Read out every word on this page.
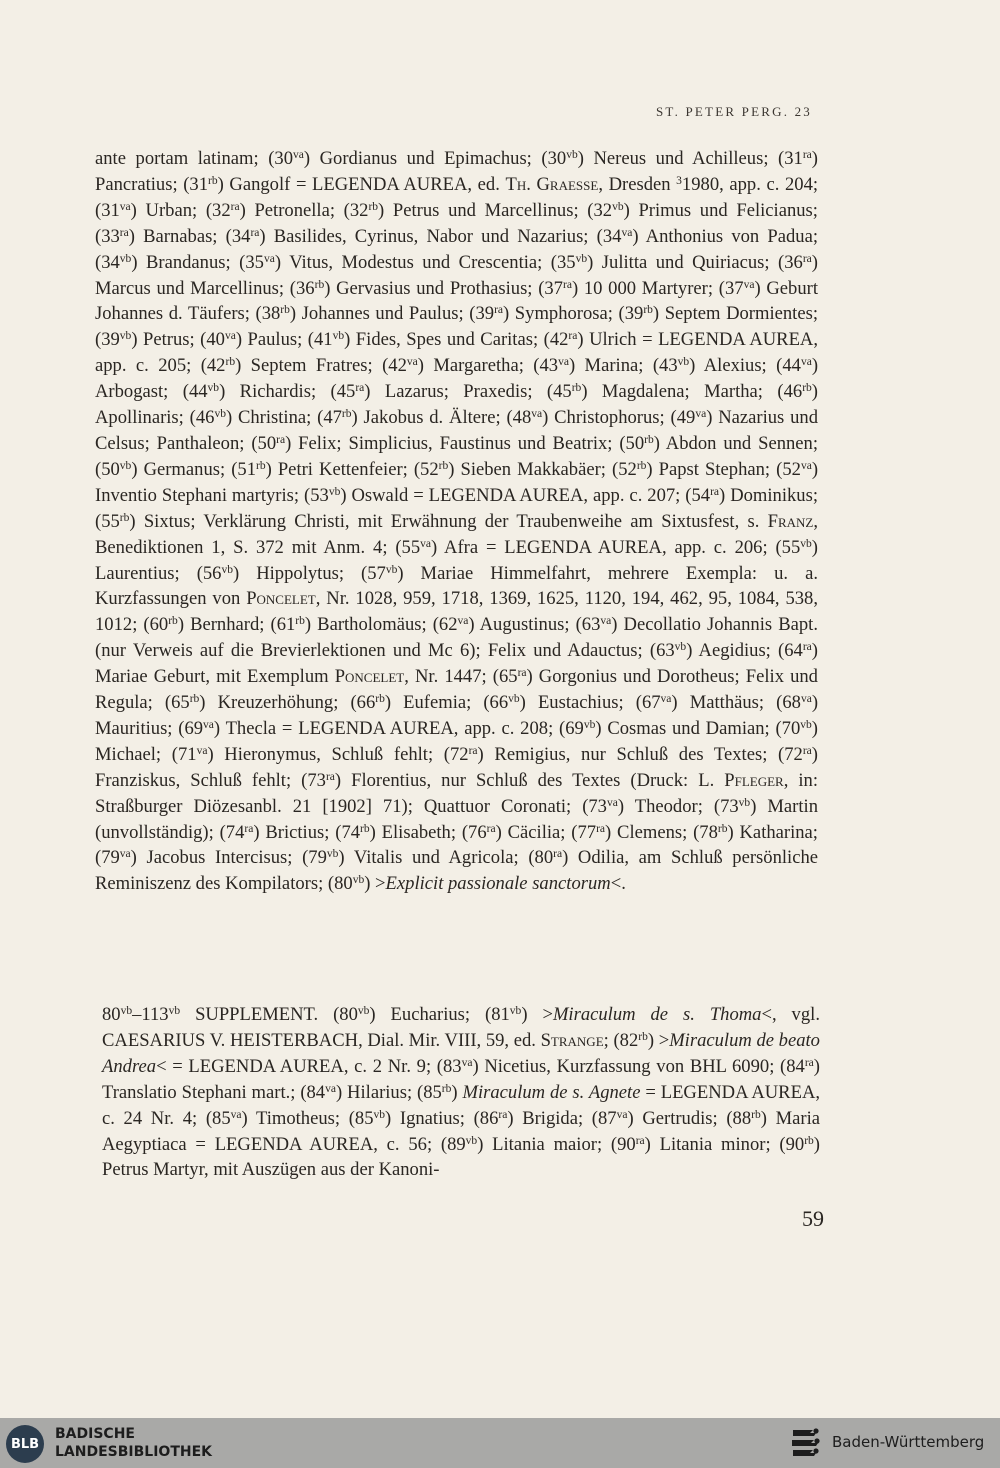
ST. PETER PERG. 23

ante portam latinam; $(30^{va})$ Gordianus und Epimachus; $(30^{vb})$ Nereus und Achilleus; $(31^{ra})$ Pancratius; $(31^{rb})$ Gangolf = LEGENDA AUREA, ed. Th. Graesse, Dresden $^3$1980, app. c. 204; $(31^{va})$ Urban; $(32^{ra})$ Petronella; $(32^{rb})$ Petrus und Marcellinus; $(32^{vb})$ Primus und Felicianus; $(33^{ra})$ Barnabas; $(34^{ra})$ Basilides, Cyrinus, Nabor und Nazarius; $(34^{va})$ Anthonius von Padua; $(34^{vb})$ Brandanus; $(35^{va})$ Vitus, Modestus und Crescentia; $(35^{vb})$ Julitta und Quiriacus; $(36^{ra})$ Marcus und Marcellinus; $(36^{rb})$ Gervasius und Prothasius; $(37^{ra})$ 10 000 Martyrer; $(37^{va})$ Geburt Johannes d. Täufers; $(38^{rb})$ Johannes und Paulus; $(39^{ra})$ Symphorosa; $(39^{rb})$ Septem Dormientes; $(39^{vb})$ Petrus; $(40^{va})$ Paulus; $(41^{vb})$ Fides, Spes und Caritas; $(42^{ra})$ Ulrich = LEGENDA AUREA, app. c. 205; $(42^{rb})$ Septem Fratres; $(42^{va})$ Margaretha; $(43^{va})$ Marina; $(43^{vb})$ Alexius; $(44^{va})$ Arbogast; $(44^{vb})$ Richardis; $(45^{ra})$ Lazarus; Praxedis; $(45^{rb})$ Magdalena; Martha; $(46^{rb})$ Apollinaris; $(46^{vb})$ Christina; $(47^{rb})$ Jakobus d. Ältere; $(48^{va})$ Christophorus; $(49^{va})$ Nazarius und Celsus; Panthaleon; $(50^{ra})$ Felix; Simplicius, Faustinus und Beatrix; $(50^{rb})$ Abdon und Sennen; $(50^{vb})$ Germanus; $(51^{rb})$ Petri Kettenfeier; $(52^{rb})$ Sieben Makkabäer; $(52^{rb})$ Papst Stephan; $(52^{va})$ Inventio Stephani martyris; $(53^{vb})$ Oswald = LEGENDA AUREA, app. c. 207; $(54^{ra})$ Dominikus; $(55^{rb})$ Sixtus; Verklärung Christi, mit Erwähnung der Traubenweihe am Sixtusfest, s. Franz, Benediktionen 1, S. 372 mit Anm. 4; $(55^{va})$ Afra = LEGENDA AUREA, app. c. 206; $(55^{vb})$ Laurentius; $(56^{vb})$ Hippolytus; $(57^{vb})$ Mariae Himmelfahrt, mehrere Exempla: u. a. Kurzfassungen von Poncelet, Nr. 1028, 959, 1718, 1369, 1625, 1120, 194, 462, 95, 1084, 538, 1012; $(60^{rb})$ Bernhard; $(61^{rb})$ Bartholomäus; $(62^{va})$ Augustinus; $(63^{va})$ Decollatio Johannis Bapt. (nur Verweis auf die Brevierlektionen und Mc 6); Felix und Adauctus; $(63^{vb})$ Aegidius; $(64^{ra})$ Mariae Geburt, mit Exemplum Poncelet, Nr. 1447; $(65^{ra})$ Gorgonius und Dorotheus; Felix und Regula; $(65^{rb})$ Kreuzerhöhung; $(66^{rb})$ Eufemia; $(66^{vb})$ Eustachius; $(67^{va})$ Matthäus; $(68^{va})$ Mauritius; $(69^{va})$ Thecla = LEGENDA AUREA, app. c. 208; $(69^{vb})$ Cosmas und Damian; $(70^{vb})$ Michael; $(71^{va})$ Hieronymus, Schluß fehlt; $(72^{ra})$ Remigius, nur Schluß des Textes; $(72^{ra})$ Franziskus, Schluß fehlt; $(73^{ra})$ Florentius, nur Schluß des Textes (Druck: L. Pfleger, in: Straßburger Diözesanbl. 21 [1902] 71); Quattuor Coronati; $(73^{va})$ Theodor; $(73^{vb})$ Martin (unvollständig); $(74^{ra})$ Brictius; $(74^{rb})$ Elisabeth; $(76^{ra})$ Cäcilia; $(77^{ra})$ Clemens; $(78^{rb})$ Katharina; $(79^{va})$ Jacobus Intercisus; $(79^{vb})$ Vitalis und Agricola; $(80^{ra})$ Odilia, am Schluß persönliche Reminiszenz des Kompilators; $(80^{vb})$ >Explicit passionale sanctorum<.

$80^{vb}-113^{vb}$ SUPPLEMENT. $(80^{vb})$ Eucharius; $(81^{vb})$ >Miraculum de s. Thoma<, vgl. CAESARIUS V. HEISTERBACH, Dial. Mir. VIII, 59, ed. Strange; $(82^{rb})$ >Miraculum de beato Andrea< = LEGENDA AUREA, c. 2 Nr. 9; $(83^{va})$ Nicetius, Kurzfassung von BHL 6090; $(84^{ra})$ Translatio Stephani mart.; $(84^{va})$ Hilarius; $(85^{rb})$ Miraculum de s. Agnete = LEGENDA AUREA, c. 24 Nr. 4; $(85^{va})$ Timotheus; $(85^{vb})$ Ignatius; $(86^{ra})$ Brigida; $(87^{va})$ Gertrudis; $(88^{rb})$ Maria Aegyptiaca = LEGENDA AUREA, c. 56; $(89^{vb})$ Litania maior; $(90^{ra})$ Litania minor; $(90^{rb})$ Petrus Martyr, mit Auszügen aus der Kanoni-

59
BLB
BADISCHE
LANDESBIBLIOTHEK
Baden-Württemberg
